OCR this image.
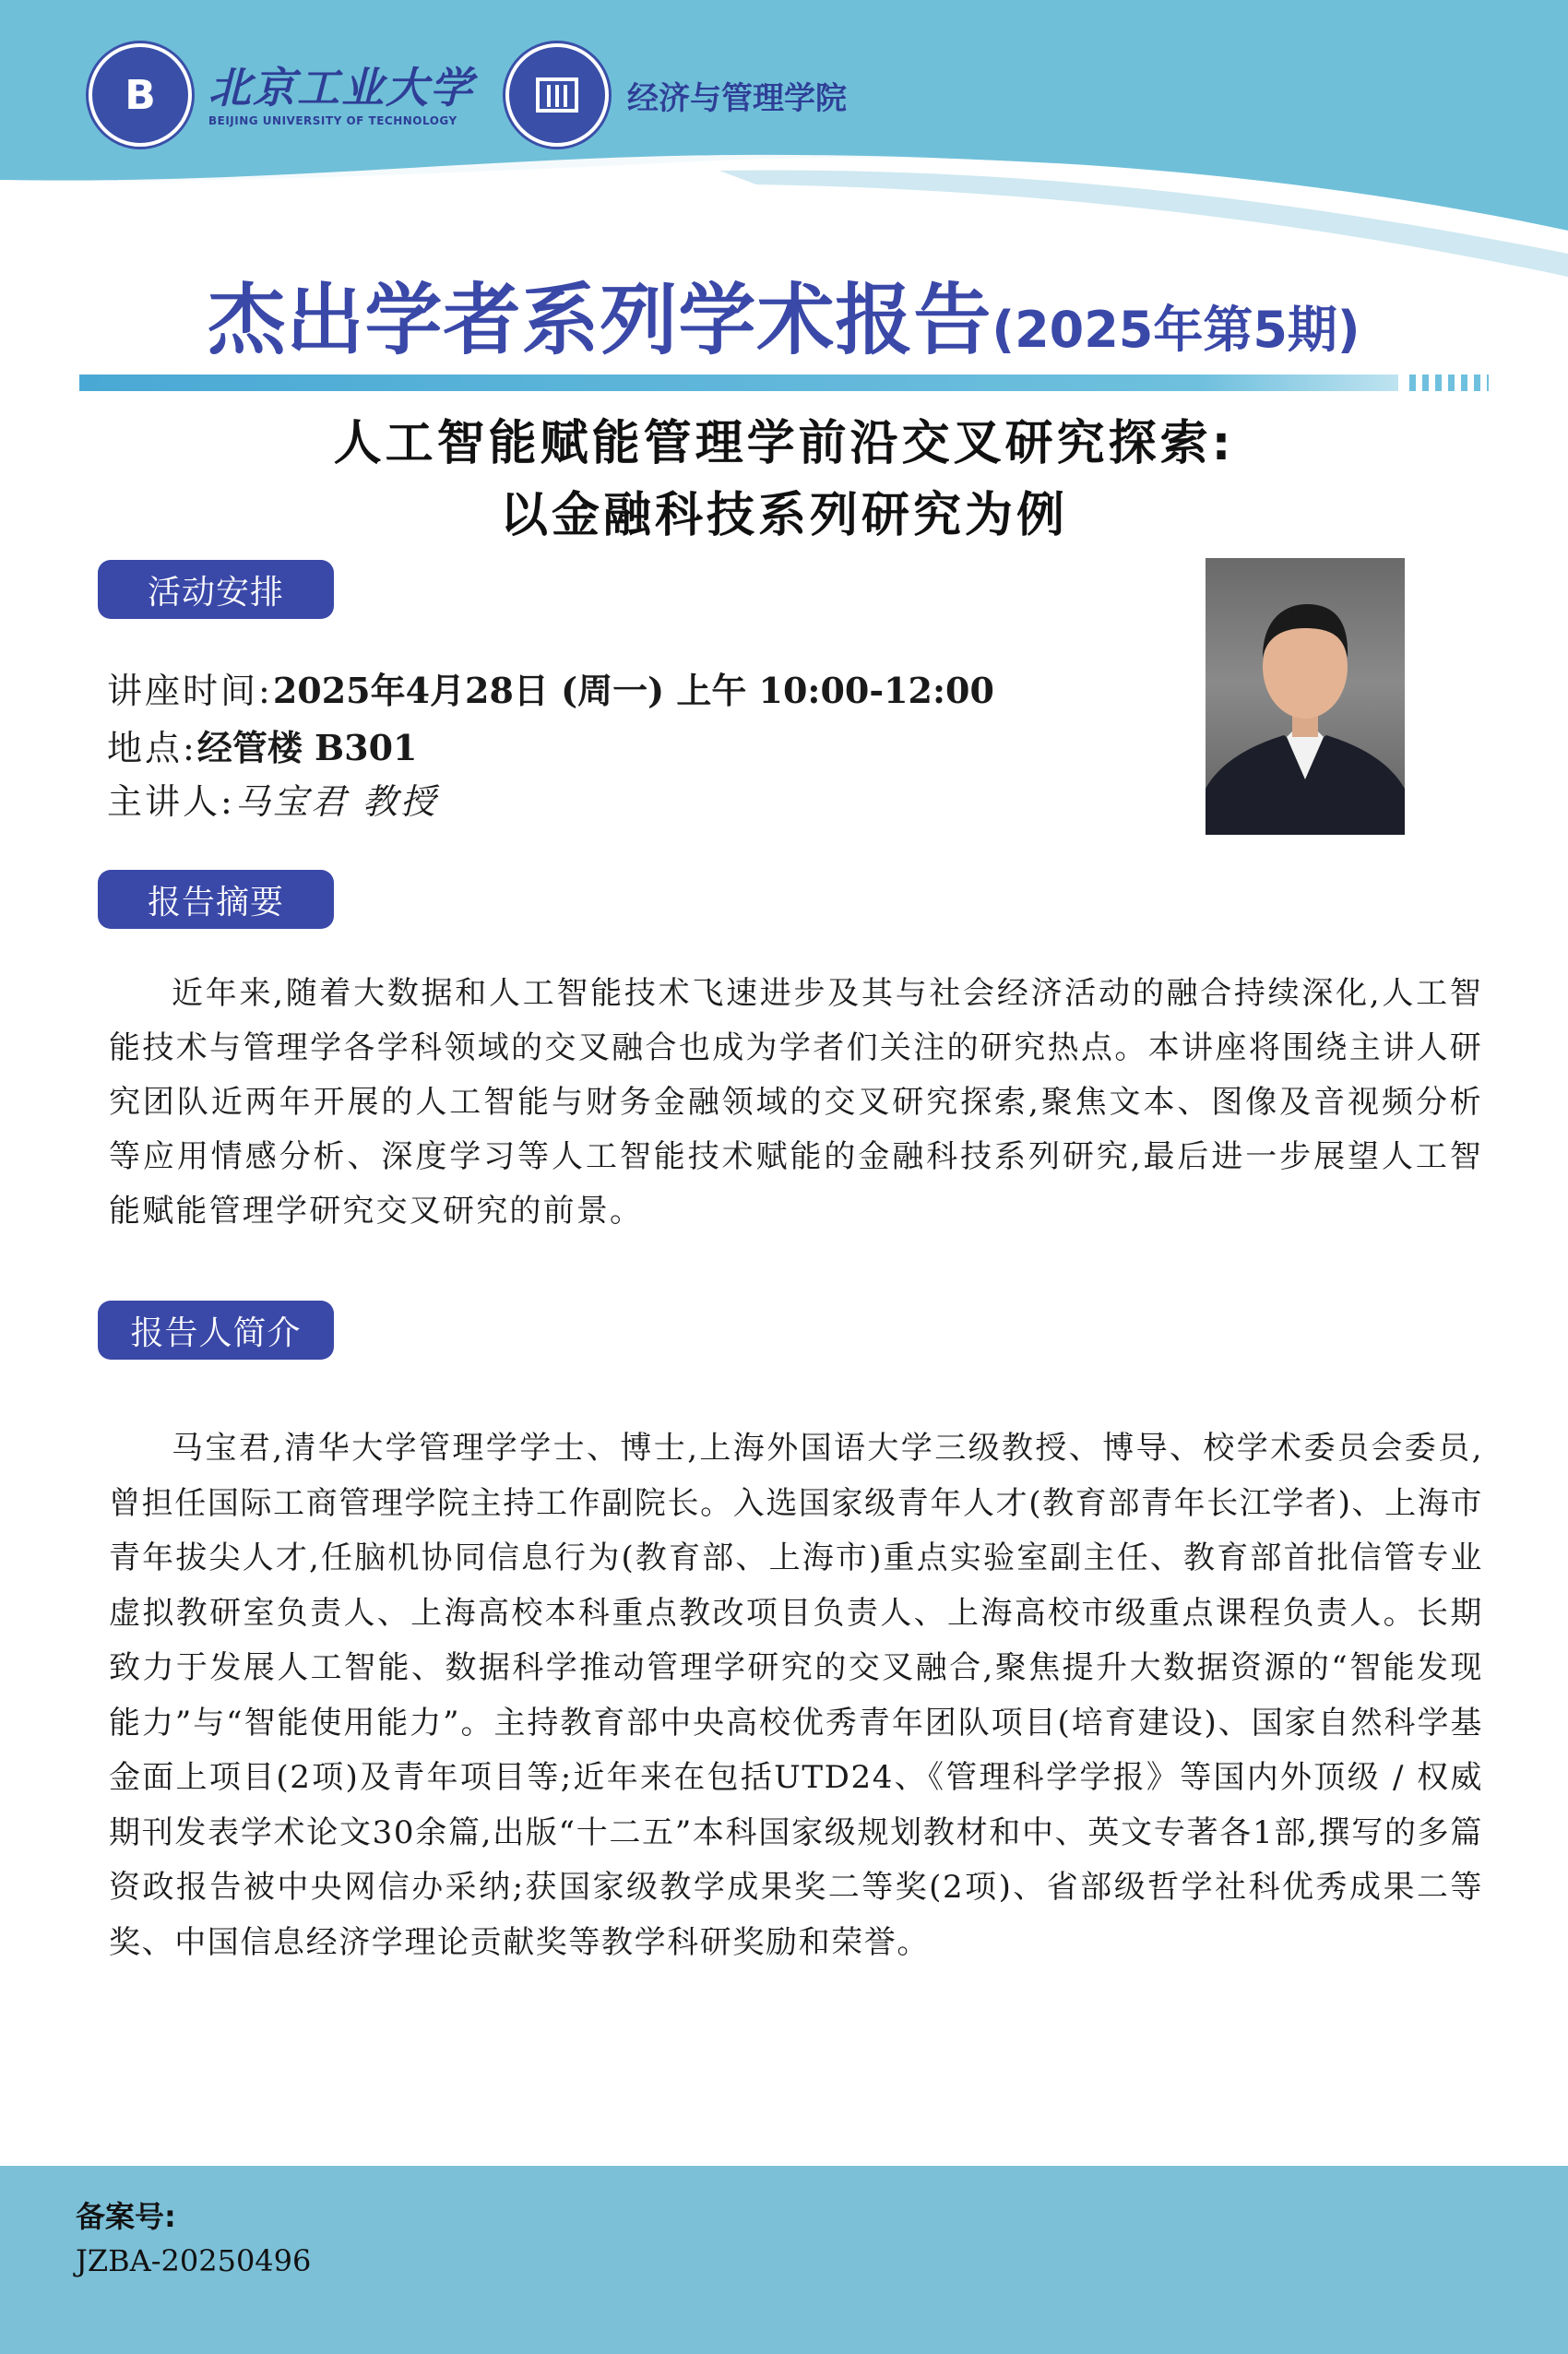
B	北京工业大学
BEIJING UNIVERSITY OF TECHNOLOGY
经济与管理学院
杰出学者系列学术报告(2025年第5期)
人工智能赋能管理学前沿交叉研究探索:
以金融科技系列研究为例
活动安排
讲座时间:2025年4月28日 (周一) 上午 10:00-12:00
地点:经管楼 B301
主讲人:马宝君 教授
报告摘要

近年来,随着大数据和人工智能技术飞速进步及其与社会经济活动的融合持续深化,人工智能技术与管理学各学科领域的交叉融合也成为学者们关注的研究热点。本讲座将围绕主讲人研究团队近两年开展的人工智能与财务金融领域的交叉研究探索,聚焦文本、图像及音视频分析等应用情感分析、深度学习等人工智能技术赋能的金融科技系列研究,最后进一步展望人工智能赋能管理学研究交叉研究的前景。

报告人简介

马宝君,清华大学管理学学士、博士,上海外国语大学三级教授、博导、校学术委员会委员,曾担任国际工商管理学院主持工作副院长。入选国家级青年人才(教育部青年长江学者)、上海市青年拔尖人才,任脑机协同信息行为(教育部、上海市)重点实验室副主任、教育部首批信管专业虚拟教研室负责人、上海高校本科重点教改项目负责人、上海高校市级重点课程负责人。长期致力于发展人工智能、数据科学推动管理学研究的交叉融合,聚焦提升大数据资源的“智能发现能力”与“智能使用能力”。主持教育部中央高校优秀青年团队项目(培育建设)、国家自然科学基金面上项目(2项)及青年项目等;近年来在包括UTD24、《管理科学学报》等国内外顶级 / 权威期刊发表学术论文30余篇,出版“十二五”本科国家级规划教材和中、英文专著各1部,撰写的多篇资政报告被中央网信办采纳;获国家级教学成果奖二等奖(2项)、省部级哲学社科优秀成果二等奖、中国信息经济学理论贡献奖等教学科研奖励和荣誉。

备案号:
JZBA-20250496
